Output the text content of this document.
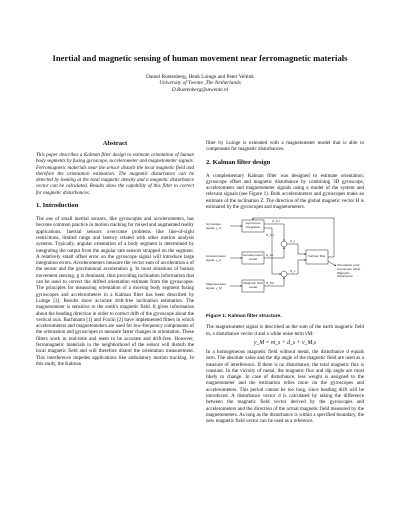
Inertial and magnetic sensing of human movement near ferromagnetic materials
Daniel Roetenberg, Henk Luinge and Peter Veltink
University of Twente ,The Netherlands
D.Roetenberg@utwente.nl
Abstract

This paper describes a Kalman filter design to estimate orientation of human body segments by fusing gyroscope, accelerometer and magnetometer signals. Ferromagnetic materials near the sensor disturb the local magnetic field and therefore the orientation estimation. The magnetic disturbance can be detected by looking at the total magnetic density and a magnetic disturbance vector can be calculated. Results show the capability of this filter to correct for magnetic disturbances.

1. Introduction

The use of small inertial sensors, like gyroscopes and accelerometers, has become common practice in motion tracking for mixed and augmented reality applications. Inertial sensors overcome problems like line-of-sight restrictions, limited range and latency related with other motion analysis systems. Typically, angular orientation of a body segment is determined by integrating the output from the angular rate sensors strapped on the segment. A relatively small offset error on the gyroscope signal will introduce large integration errors. Accelerometers measure the vector sum of acceleration a of the sensor and the gravitational acceleration g. In most situations of human movement sensing, g is dominant, thus providing inclination information that can be used to correct the drifted orientation estimate from the gyroscopes. The principles for measuring orientation of a moving body segment fusing gyroscopes and accelerometers in a Kalman filter has been described by Luinge [3]. Results show accurate drift-free inclination estimation. The magnetometer is sensitive to the earth's magnetic field. It gives information about the heading direction in order to correct drift of the gyroscope about the vertical axis. Bachmann [1] and Foxlin [2] have implemented filters in which accelerometers and magnetometers are used for low-frequency components of the orientation and gyroscopes to measure faster changes in orientation. These filters work in real-time and seem to be accurate and drift-free. However, ferromagnetic materials in the neighborhood of the sensor will disturb the local magnetic field and will therefore distort the orientation measurement. This interference impedes applications like ambulatory motion tracking. In this study, the Kalman

filter by Luinge is extended with a magnetometer model that is able to compensate for magnetic disturbances.

2. Kalman filter design

A complementary Kalman filter was designed to estimate orientation, gyroscope offset and magnetic disturbance by combining 3D gyroscope, accelerometer and magnetometer signals using a model of the system and relevant signals (see Figure 1). Both accelerometers and gyroscopes make an estimate of the inclination Z. The direction of the global magnetic vector H is estimated by the gyroscopes and magnetometers.

Gyroscope signal, y_G
Accelerometer signal, y_A
Magnetometer signal, y_M
Gyroscope integration
Accelerometer model
Magnetic field model
Kalman filter
Orientation error Gyroscope offset Magnetic disturbance
Z_G,t
Z_A,t
H_G,t
H_M,t
Z_ε
H_ε
Figure 1: Kalman filter structure.

The magnetometer signal is described as the sum of the earth magnetic field m, a disturbance vector d and a white noise term vM:

y_M = m_s + d_s + v_M,s

In a homogeneous magnetic field without metal, the disturbance d equals zero. The absolute value and the dip angle of the magnetic field are used as a measure of interference. If there is no disturbance, the total magnetic flux is constant. In the vicinity of metal, the magnetic flux and dip angle are most likely to change. In case of disturbance, less weight is assigned to the magnetometer and the estimation relies more on the gyroscopes and accelerometers. This period cannot be too long, since heading drift will be introduced. A disturbance vector d is calculated by taking the difference between the magnetic field vector derived by the gyroscopes and accelerometers and the direction of the actual magnetic field measured by the magnetometers. As long as the disturbance is within a specified boundary, the new magnetic field vector can be used as a reference.
